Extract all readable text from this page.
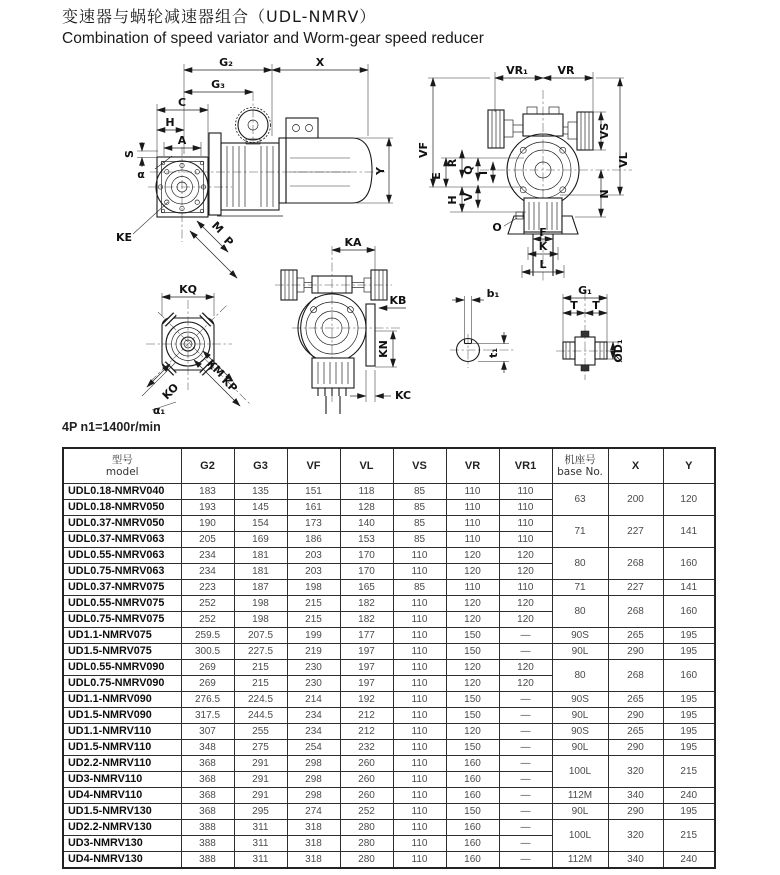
变速器与蜗轮减速器组合（UDL-NMRV）

Combination of speed variator and Worm-gear speed reducer

G₂	X
G₃
C
H
A
S
α
KE
M
P
Y
VR₁	VR
VF
E
R
Q I
H V
VS
VL
N
O	F
K
L
KQ
KM
KP
KO
α₁
KA
KB
KN
KC
b₁
t₁
G₁
T T
ØD₁
4P n1=1400r/min
型号
model	G2	G3	VF	VL	VS	VR	VR1	机座号
base No.	X	Y
UDL0.18-NMRV040	183	135	151	118	85	110	110	63	200	120
UDL0.18-NMRV050	193	145	161	128	85	110	110			
UDL0.37-NMRV050	190	154	173	140	85	110	110	71	227	141
UDL0.37-NMRV063	205	169	186	153	85	110	110			
UDL0.55-NMRV063	234	181	203	170	110	120	120	80	268	160
UDL0.75-NMRV063	234	181	203	170	110	120	120			
UDL0.37-NMRV075	223	187	198	165	85	110	110	71	227	141
UDL0.55-NMRV075	252	198	215	182	110	120	120	80	268	160
UDL0.75-NMRV075	252	198	215	182	110	120	120			
UD1.1-NMRV075	259.5	207.5	199	177	110	150	—	90S	265	195
UD1.5-NMRV075	300.5	227.5	219	197	110	150	—	90L	290	195
UDL0.55-NMRV090	269	215	230	197	110	120	120	80	268	160
UDL0.75-NMRV090	269	215	230	197	110	120	120			
UD1.1-NMRV090	276.5	224.5	214	192	110	150	—	90S	265	195
UD1.5-NMRV090	317.5	244.5	234	212	110	150	—	90L	290	195
UD1.1-NMRV110	307	255	234	212	110	120	—	90S	265	195
UD1.5-NMRV110	348	275	254	232	110	150	—	90L	290	195
UD2.2-NMRV110	368	291	298	260	110	160	—	100L	320	215
UD3-NMRV110	368	291	298	260	110	160	—			
UD4-NMRV110	368	291	298	260	110	160	—	112M	340	240
UD1.5-NMRV130	368	295	274	252	110	150	—	90L	290	195
UD2.2-NMRV130	388	311	318	280	110	160	—	100L	320	215
UD3-NMRV130	388	311	318	280	110	160	—			
UD4-NMRV130	388	311	318	280	110	160	—	112M	340	240
